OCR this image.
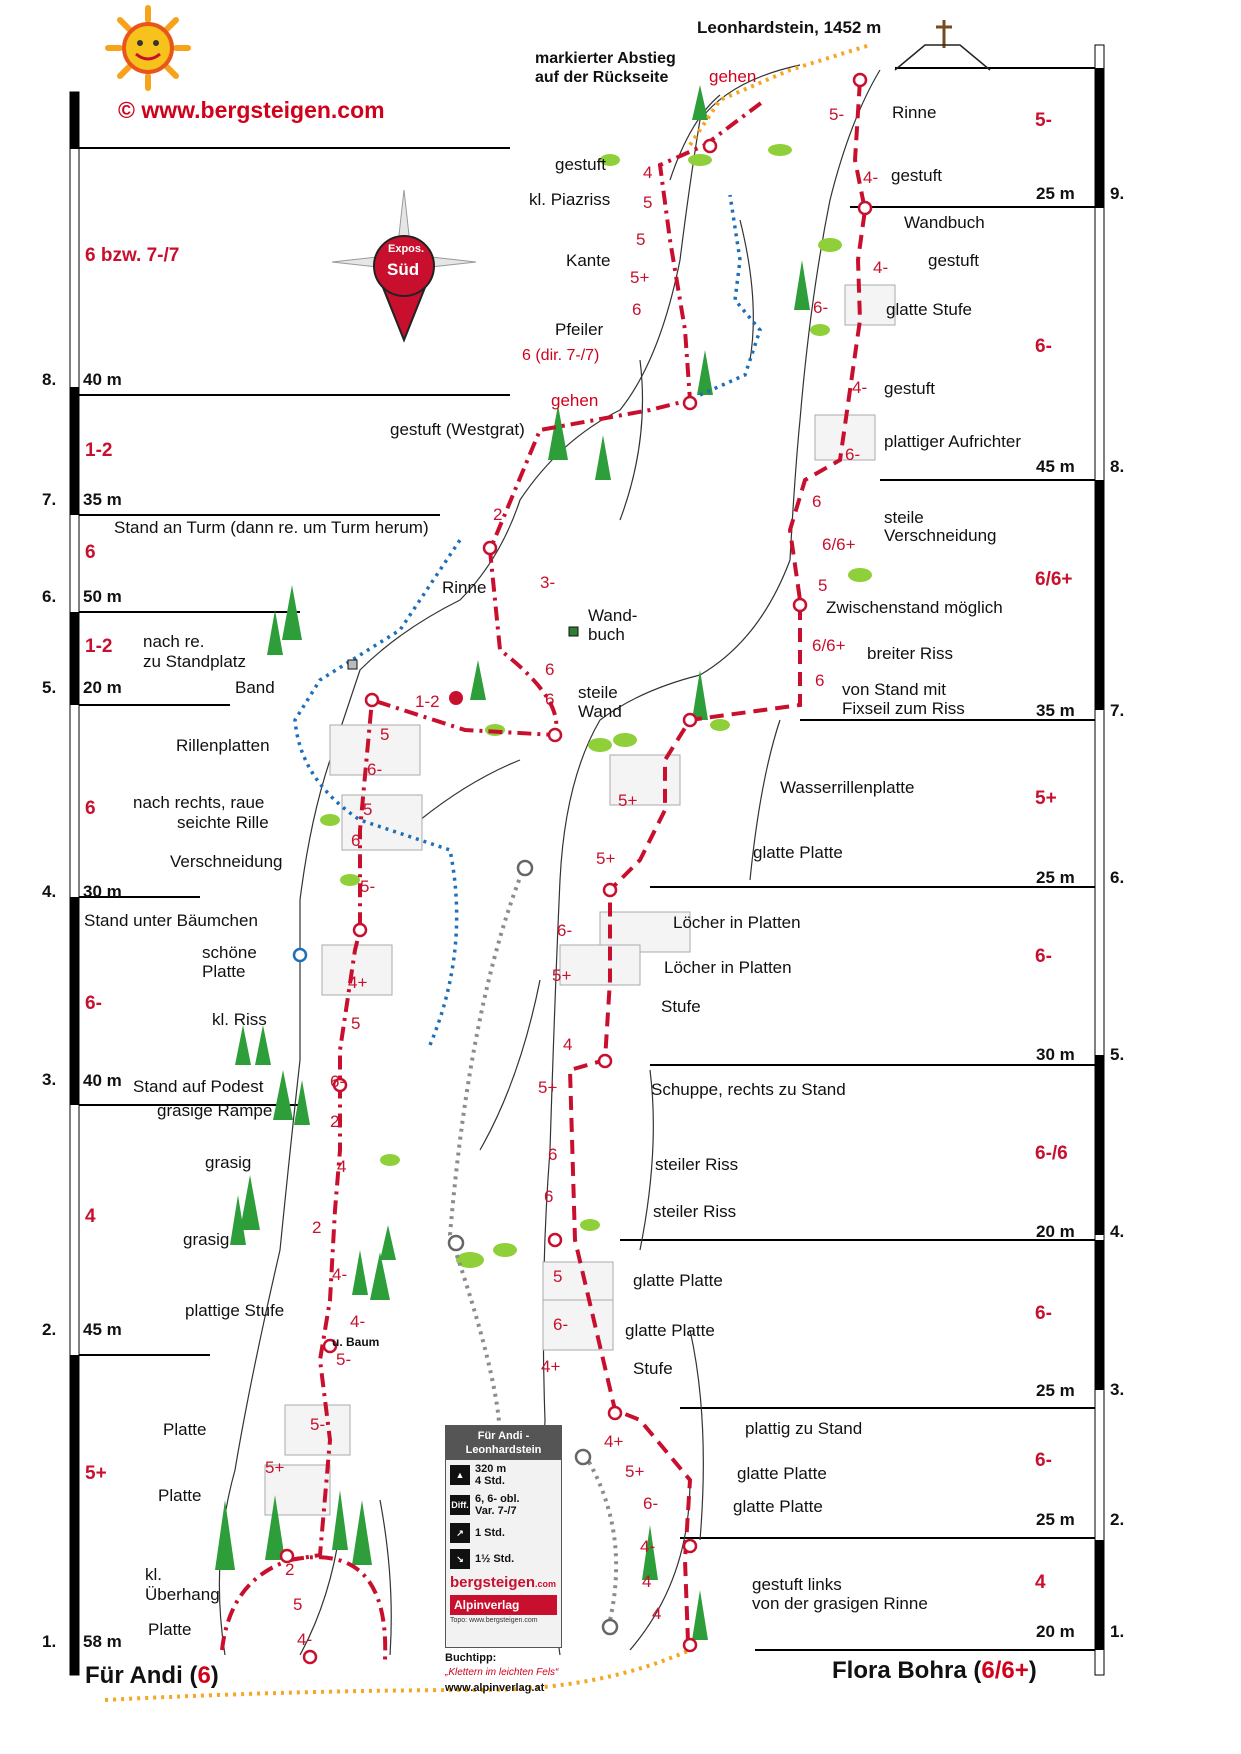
© www.bergsteigen.com
Leonhardstein, 1452 m
markierter Abstieg
auf der Rückseite gehen
gehen
Expos.
Süd
1. 58 m
5+
2. 45 m
4
3. 40 m
6-
4. 30 m
6
5. 20 m
1-2
6. 50 m
6
7. 35 m
1-2
8. 40 m
6 bzw. 7-/7
1.
20 m
4
2.
25 m
6-
3.
25 m
6-
4.
20 m
6-/6
5.
30 m
6-
6.
25 m
5+
7.
35 m
6/6+
8.
45 m
6-
9.
25 m
5-
Für Andi (6)	Flora Bohra (6/6+)
Band
nach re.
zu Standplatz
Rillenplatten
nach rechts, raue
seichte Rille
Verschneidung
Stand unter Bäumchen
schöne
Platte
kl. Riss
Stand auf Podest
grasige Rampe
grasig
grasig
plattige Stufe
u. Baum
Platte
Platte
kl.
Überhang
Platte
Stand an Turm (dann re. um Turm herum)
Rinne
Wand-
buch
steile
Wand
gestuft (Westgrat)
Pfeiler
6 (dir. 7-/7)
Kante
kl. Piazriss
gestuft
Rinne
gestuft
Wandbuch
gestuft
glatte Stufe
gestuft
plattiger Aufrichter
steile
Verschneidung
Zwischenstand möglich
breiter Riss
von Stand mit
Fixseil zum Riss
Wasserrillenplatte
glatte Platte
Löcher in Platten
Löcher in Platten
Stufe
Schuppe, rechts zu Stand
steiler Riss
steiler Riss
glatte Platte
glatte Platte
Stufe
plattig zu Stand
glatte Platte
glatte Platte
gestuft links
von der grasigen Rinne
Für Andi -
Leonhardstein
▲ 320 m
4 Std.
Diff. 6, 6- obl.
Var. 7-/7
↗	1 Std.
↘	1½ Std.
bergsteigen.com
Alpinverlag
Topo: www.bergsteigen.com
Buchtipp:
„Klettern im leichten Fels“
www.alpinverlag.at
4-
5
2
5+
5-
5-
4-
4-
2
4
2
6-
5
4+
5-
6
5
6-
5
1-2	6
6
3-
2
6
5+
5
5
4
4
4
4-
6-
5+
4+
4+
6-
5
6
6
5+
4
5+
6-
5+
5+
6
6/6+
5
6/6+
6
6-
4-
6-
4-
4-
5-
